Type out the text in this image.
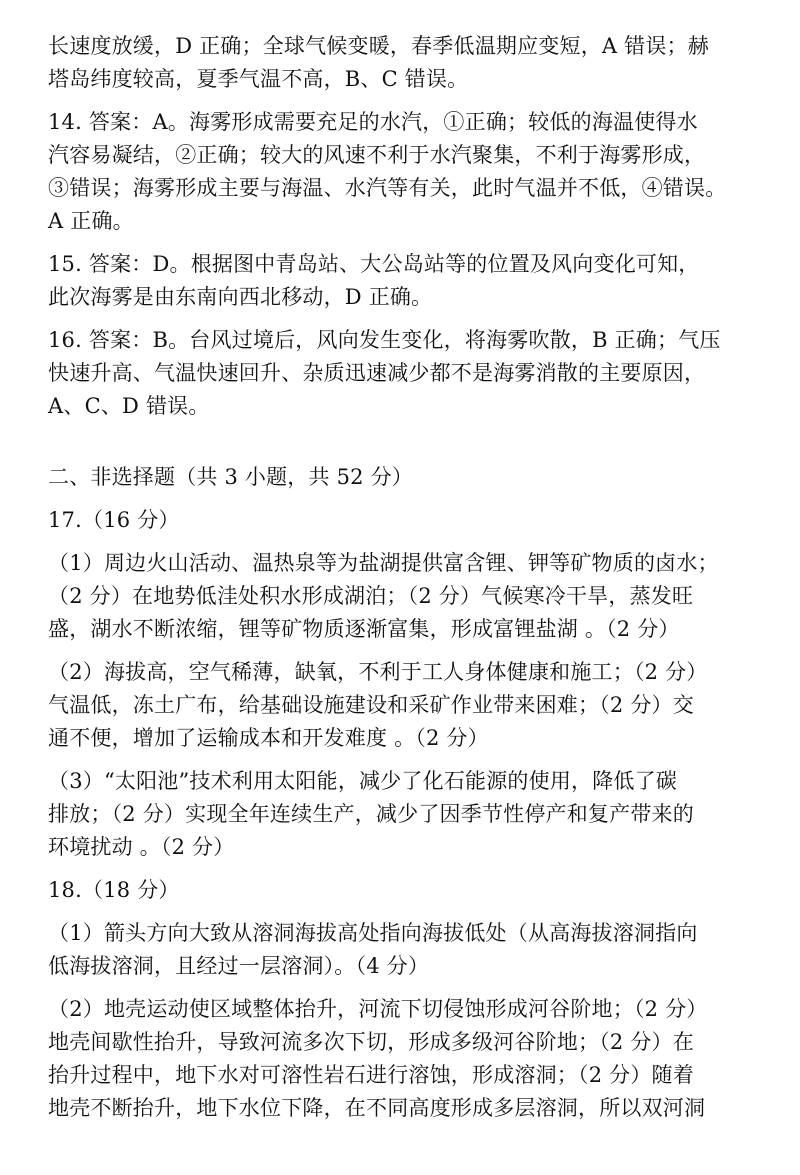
长速度放缓，D 正确；全球气候变暖，春季低温期应变短，A 错误；赫
塔岛纬度较高，夏季气温不高，B、C 错误。

14. 答案：A。海雾形成需要充足的水汽，①正确；较低的海温使得水
汽容易凝结，②正确；较大的风速不利于水汽聚集，不利于海雾形成，
③错误；海雾形成主要与海温、水汽等有关，此时气温并不低，④错误。
A 正确。

15. 答案：D。根据图中青岛站、大公岛站等的位置及风向变化可知，
此次海雾是由东南向西北移动，D 正确。

16. 答案：B。台风过境后，风向发生变化，将海雾吹散，B 正确；气压
快速升高、气温快速回升、杂质迅速减少都不是海雾消散的主要原因，
A、C、D 错误。

二、非选择题（共 3 小题，共 52 分）

17.（16 分）

（1）周边火山活动、温热泉等为盐湖提供富含锂、钾等矿物质的卤水；
（2 分）在地势低洼处积水形成湖泊；（2 分）气候寒冷干旱，蒸发旺
盛，湖水不断浓缩，锂等矿物质逐渐富集，形成富锂盐湖 。（2 分）

（2）海拔高，空气稀薄，缺氧，不利于工人身体健康和施工；（2 分）
气温低，冻土广布，给基础设施建设和采矿作业带来困难；（2 分）交
通不便，增加了运输成本和开发难度 。（2 分）

（3）“太阳池”技术利用太阳能，减少了化石能源的使用，降低了碳
排放；（2 分）实现全年连续生产，减少了因季节性停产和复产带来的
环境扰动 。（2 分）

18.（18 分）

（1）箭头方向大致从溶洞海拔高处指向海拔低处（从高海拔溶洞指向
低海拔溶洞，且经过一层溶洞）。（4 分）

（2）地壳运动使区域整体抬升，河流下切侵蚀形成河谷阶地；（2 分）
地壳间歇性抬升，导致河流多次下切，形成多级河谷阶地；（2 分）在
抬升过程中，地下水对可溶性岩石进行溶蚀，形成溶洞；（2 分）随着
地壳不断抬升，地下水位下降，在不同高度形成多层溶洞，所以双河洞
